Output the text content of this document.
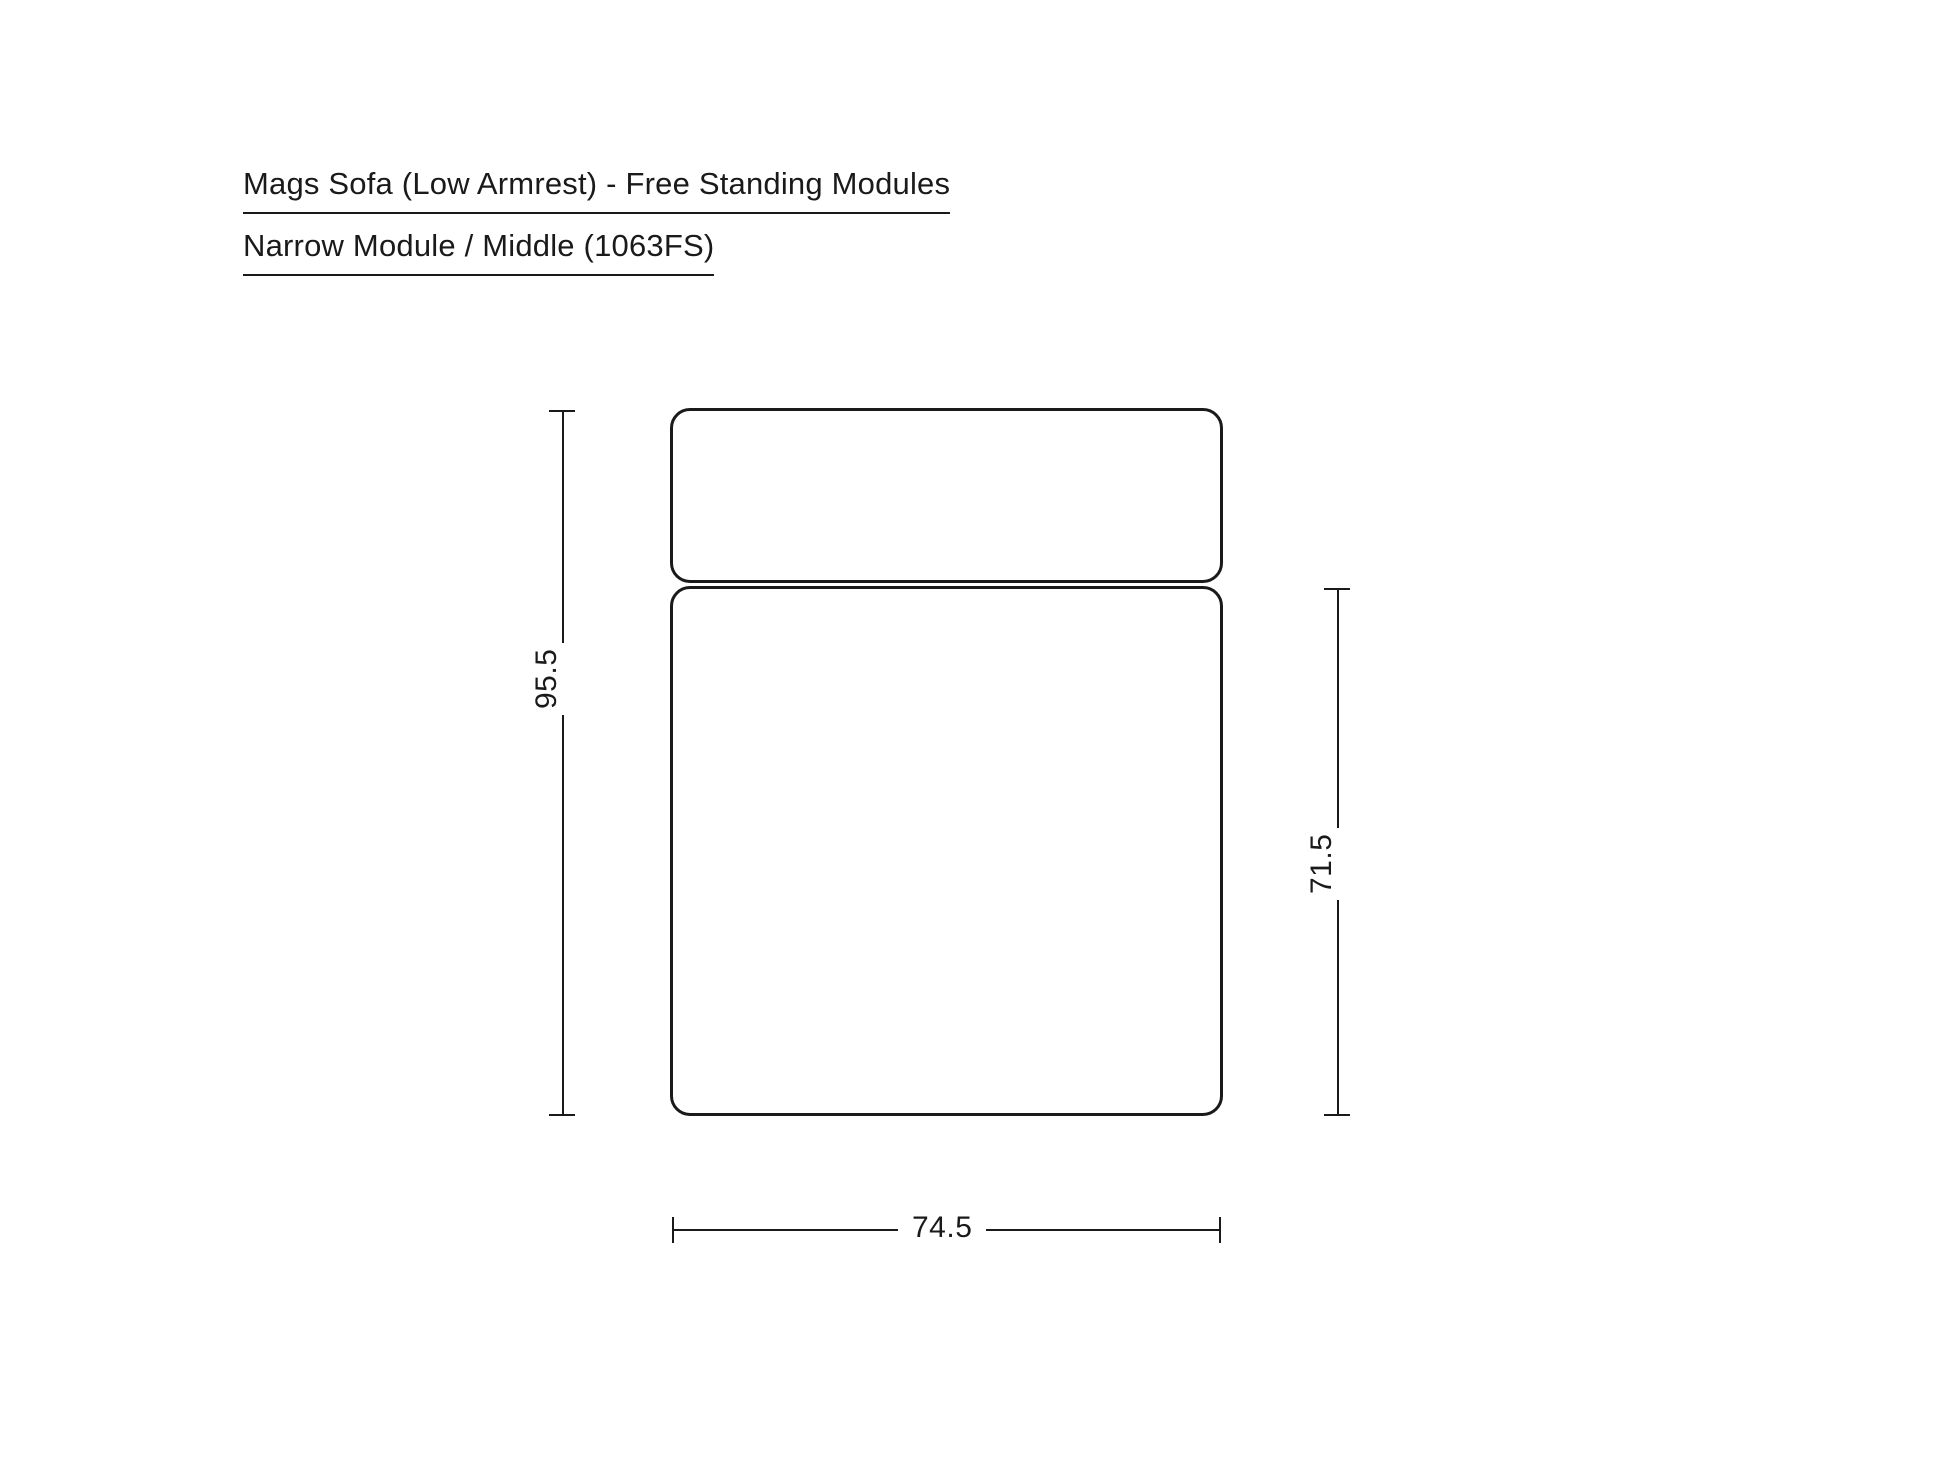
Mags Sofa (Low Armrest) - Free Standing Modules
Narrow Module / Middle (1063FS)
95.5
71.5
74.5
